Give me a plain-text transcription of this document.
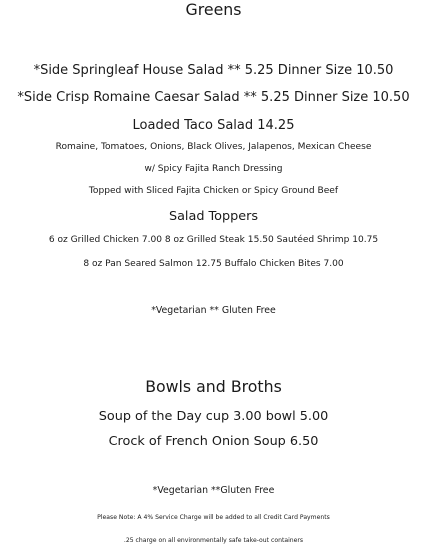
Greens
*Side Springleaf House Salad ** 5.25 Dinner Size 10.50
*Side Crisp Romaine Caesar Salad ** 5.25 Dinner Size 10.50
Loaded Taco Salad 14.25
Romaine, Tomatoes, Onions, Black Olives, Jalapenos, Mexican Cheese
w/ Spicy Fajita Ranch Dressing
Topped with Sliced Fajita Chicken or Spicy Ground Beef
Salad Toppers
6 oz Grilled Chicken 7.00 8 oz Grilled Steak 15.50 Sautéed Shrimp 10.75
8 oz Pan Seared Salmon 12.75 Buffalo Chicken Bites 7.00
*Vegetarian ** Gluten Free
Bowls and Broths
Soup of the Day cup 3.00 bowl 5.00
Crock of French Onion Soup 6.50
*Vegetarian **Gluten Free
Please Note: A 4% Service Charge will be added to all Credit Card Payments
.25 charge on all environmentally safe take-out containers
